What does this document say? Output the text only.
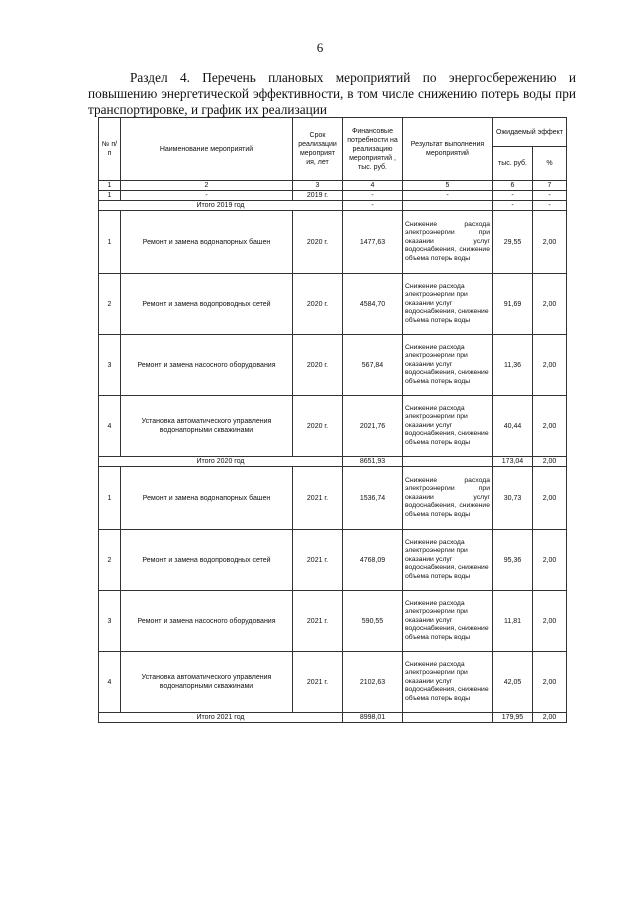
6
Раздел 4. Перечень плановых мероприятий по энергосбережению и повышению энергетической эффективности, в том числе снижению потерь воды при транспортировке, и график их реализации
№ п/ п	Наименование мероприятий	Срок реализации мероприят ия, лет	Финансовые потребности на реализацию мероприятий , тыс. руб.	Результат выполнения мероприятий	Ожидаемый эффект	
					тыс. руб.	%
1	2	3	4	5	6	7
1	-	2019 г.	-	-	-	-
Итого 2019 год			-		-	-
1	Ремонт и замена водонапорных башен	2020 г.	1477,63	Снижение расхода электроэнергии при оказании услуг водоснабжения, снижение объема потерь воды	29,55	2,00
2	Ремонт и замена водопроводных сетей	2020 г.	4584,70	Снижение расхода электроэнергии при оказании услуг водоснабжения, снижение объема потерь воды	91,69	2,00
3	Ремонт и замена насосного оборудования	2020 г.	567,84	Снижение расхода электроэнергии при оказании услуг водоснабжения, снижение объема потерь воды	11,36	2,00
4	Установка автоматического управления водонапорными скважинами	2020 г.	2021,76	Снижение расхода электроэнергии при оказании услуг водоснабжения, снижение объема потерь воды	40,44	2,00
Итого 2020 год			8651,93		173,04	2,00
1	Ремонт и замена водонапорных башен	2021 г.	1536,74	Снижение расхода электроэнергии при оказании услуг водоснабжения, снижение объема потерь воды	30,73	2,00
2	Ремонт и замена водопроводных сетей	2021 г.	4768,09	Снижение расхода электроэнергии при оказании услуг водоснабжения, снижение объема потерь воды	95,36	2,00
3	Ремонт и замена насосного оборудования	2021 г.	590,55	Снижение расхода электроэнергии при оказании услуг водоснабжения, снижение объема потерь воды	11,81	2,00
4	Установка автоматического управления водонапорными скважинами	2021 г.	2102,63	Снижение расхода электроэнергии при оказании услуг водоснабжения, снижение объема потерь воды	42,05	2,00
Итого 2021 год			8998,01		179,95	2,00
